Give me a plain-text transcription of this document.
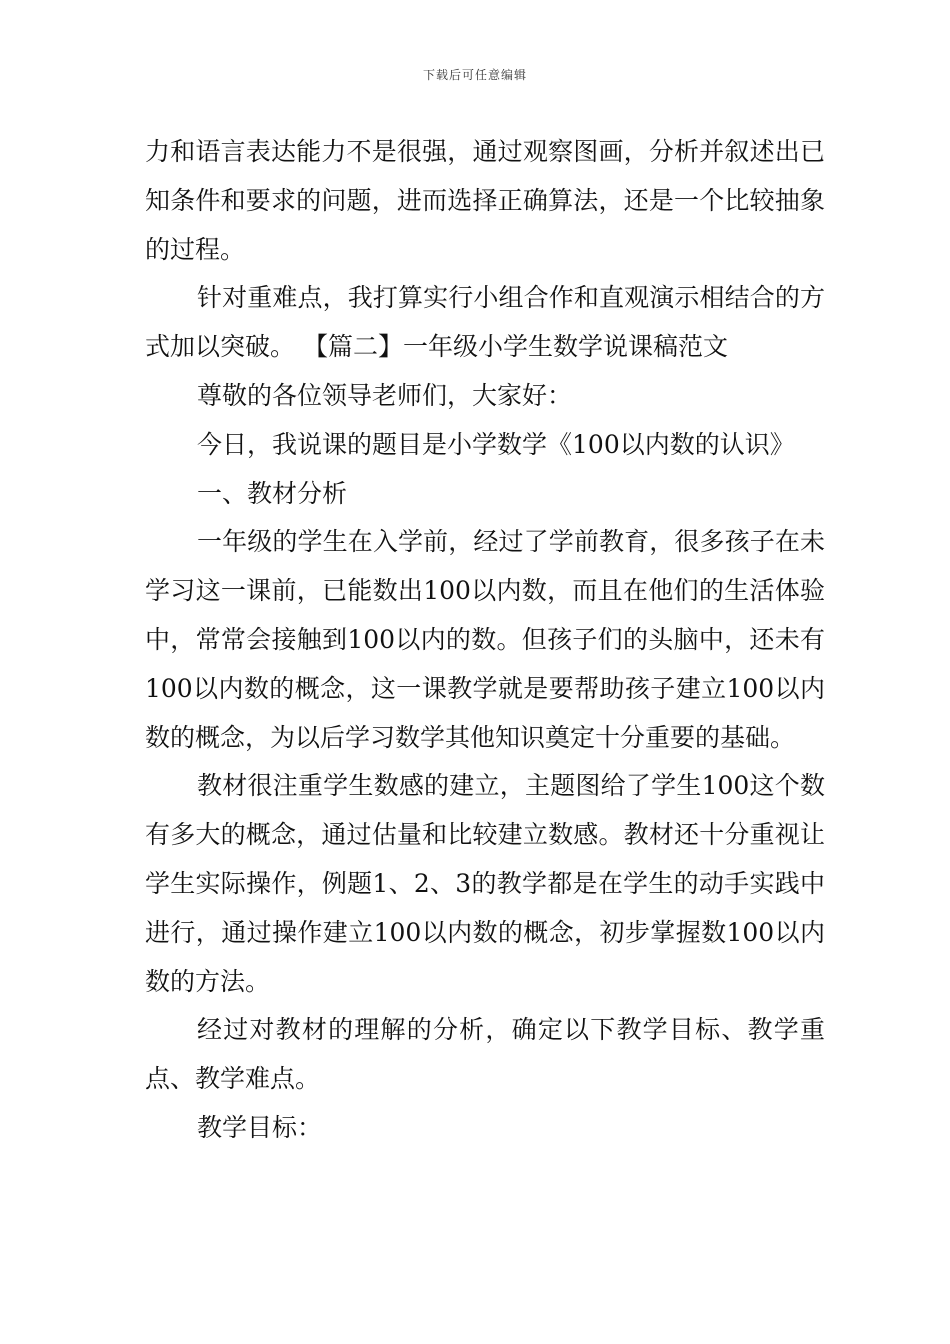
下载后可任意编辑

力和语言表达能力不是很强，通过观察图画，分析并叙述出已知条件和要求的问题，进而选择正确算法，还是一个比较抽象的过程。

针对重难点，我打算实行小组合作和直观演示相结合的方式加以突破。 【篇二】一年级小学生数学说课稿范文

尊敬的各位领导老师们，大家好：

今日，我说课的题目是小学数学《100以内数的认识》

一、教材分析

一年级的学生在入学前，经过了学前教育，很多孩子在未学习这一课前，已能数出100以内数，而且在他们的生活体验中，常常会接触到100以内的数。但孩子们的头脑中，还未有100以内数的概念，这一课教学就是要帮助孩子建立100以内数的概念，为以后学习数学其他知识奠定十分重要的基础。

教材很注重学生数感的建立，主题图给了学生100这个数有多大的概念，通过估量和比较建立数感。教材还十分重视让学生实际操作，例题1、2、3的教学都是在学生的动手实践中进行，通过操作建立100以内数的概念，初步掌握数100以内数的方法。

经过对教材的理解的分析，确定以下教学目标、教学重点、教学难点。

教学目标：
